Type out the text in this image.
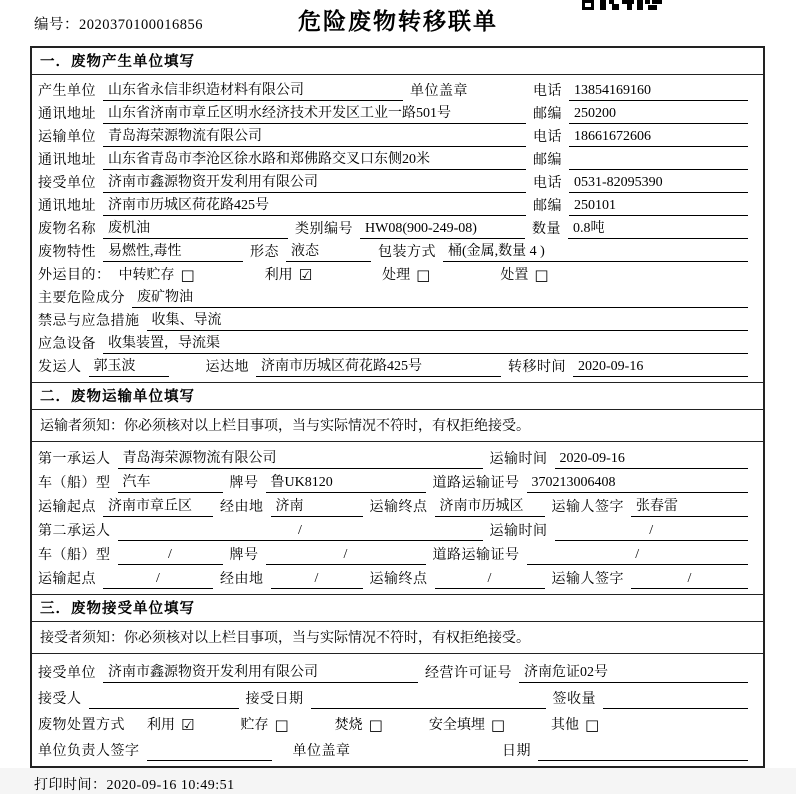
编号：2020370100016856	危险废物转移联单
一．废物产生单位填写
产生单位 山东省永信非织造材料有限公司	单位盖章	电话 13854169160
通讯地址 山东省济南市章丘区明水经济技术开发区工业一路501号	邮编 250200
运输单位 青岛海荣源物流有限公司	电话 18661672606
通讯地址 山东省青岛市李沧区徐水路和郑佛路交叉口东侧20米	邮编
接受单位 济南市鑫源物资开发利用有限公司	电话 0531-82095390
通讯地址 济南市历城区荷花路425号	邮编 250101
废物名称 废机油	类别编号 HW08(900-249-08)	数量 0.8吨
废物特性 易燃性,毒性	形态 液态	包装方式 桶(金属,数量 4 )
外运目的： 中转贮存 □	利用 ☑	处理 □	处置 □
主要危险成分 废矿物油
禁忌与应急措施 收集、导流
应急设备 收集装置，导流渠
发运人 郭玉波	运达地 济南市历城区荷花路425号	转移时间 2020-09-16
二．废物运输单位填写
运输者须知：你必须核对以上栏目事项，当与实际情况不符时，有权拒绝接受。
第一承运人 青岛海荣源物流有限公司	运输时间 2020-09-16
车（船）型 汽车	牌号 鲁UK8120	道路运输证号 370213006408
运输起点 济南市章丘区	经由地 济南	运输终点 济南市历城区	运输人签字 张春雷
第二承运人	/	运输时间	/
车（船）型	/	牌号	/	道路运输证号	/
运输起点	/	经由地	/	运输终点	/	运输人签字	/
三．废物接受单位填写
接受者须知：你必须核对以上栏目事项，当与实际情况不符时，有权拒绝接受。
接受单位 济南市鑫源物资开发利用有限公司	经营许可证号 济南危证02号
接受人	接受日期	签收量
废物处置方式 利用 ☑	贮存 □	焚烧 □	安全填埋 □	其他 □
单位负责人签字	单位盖章	日期
打印时间：2020-09-16 10:49:51
